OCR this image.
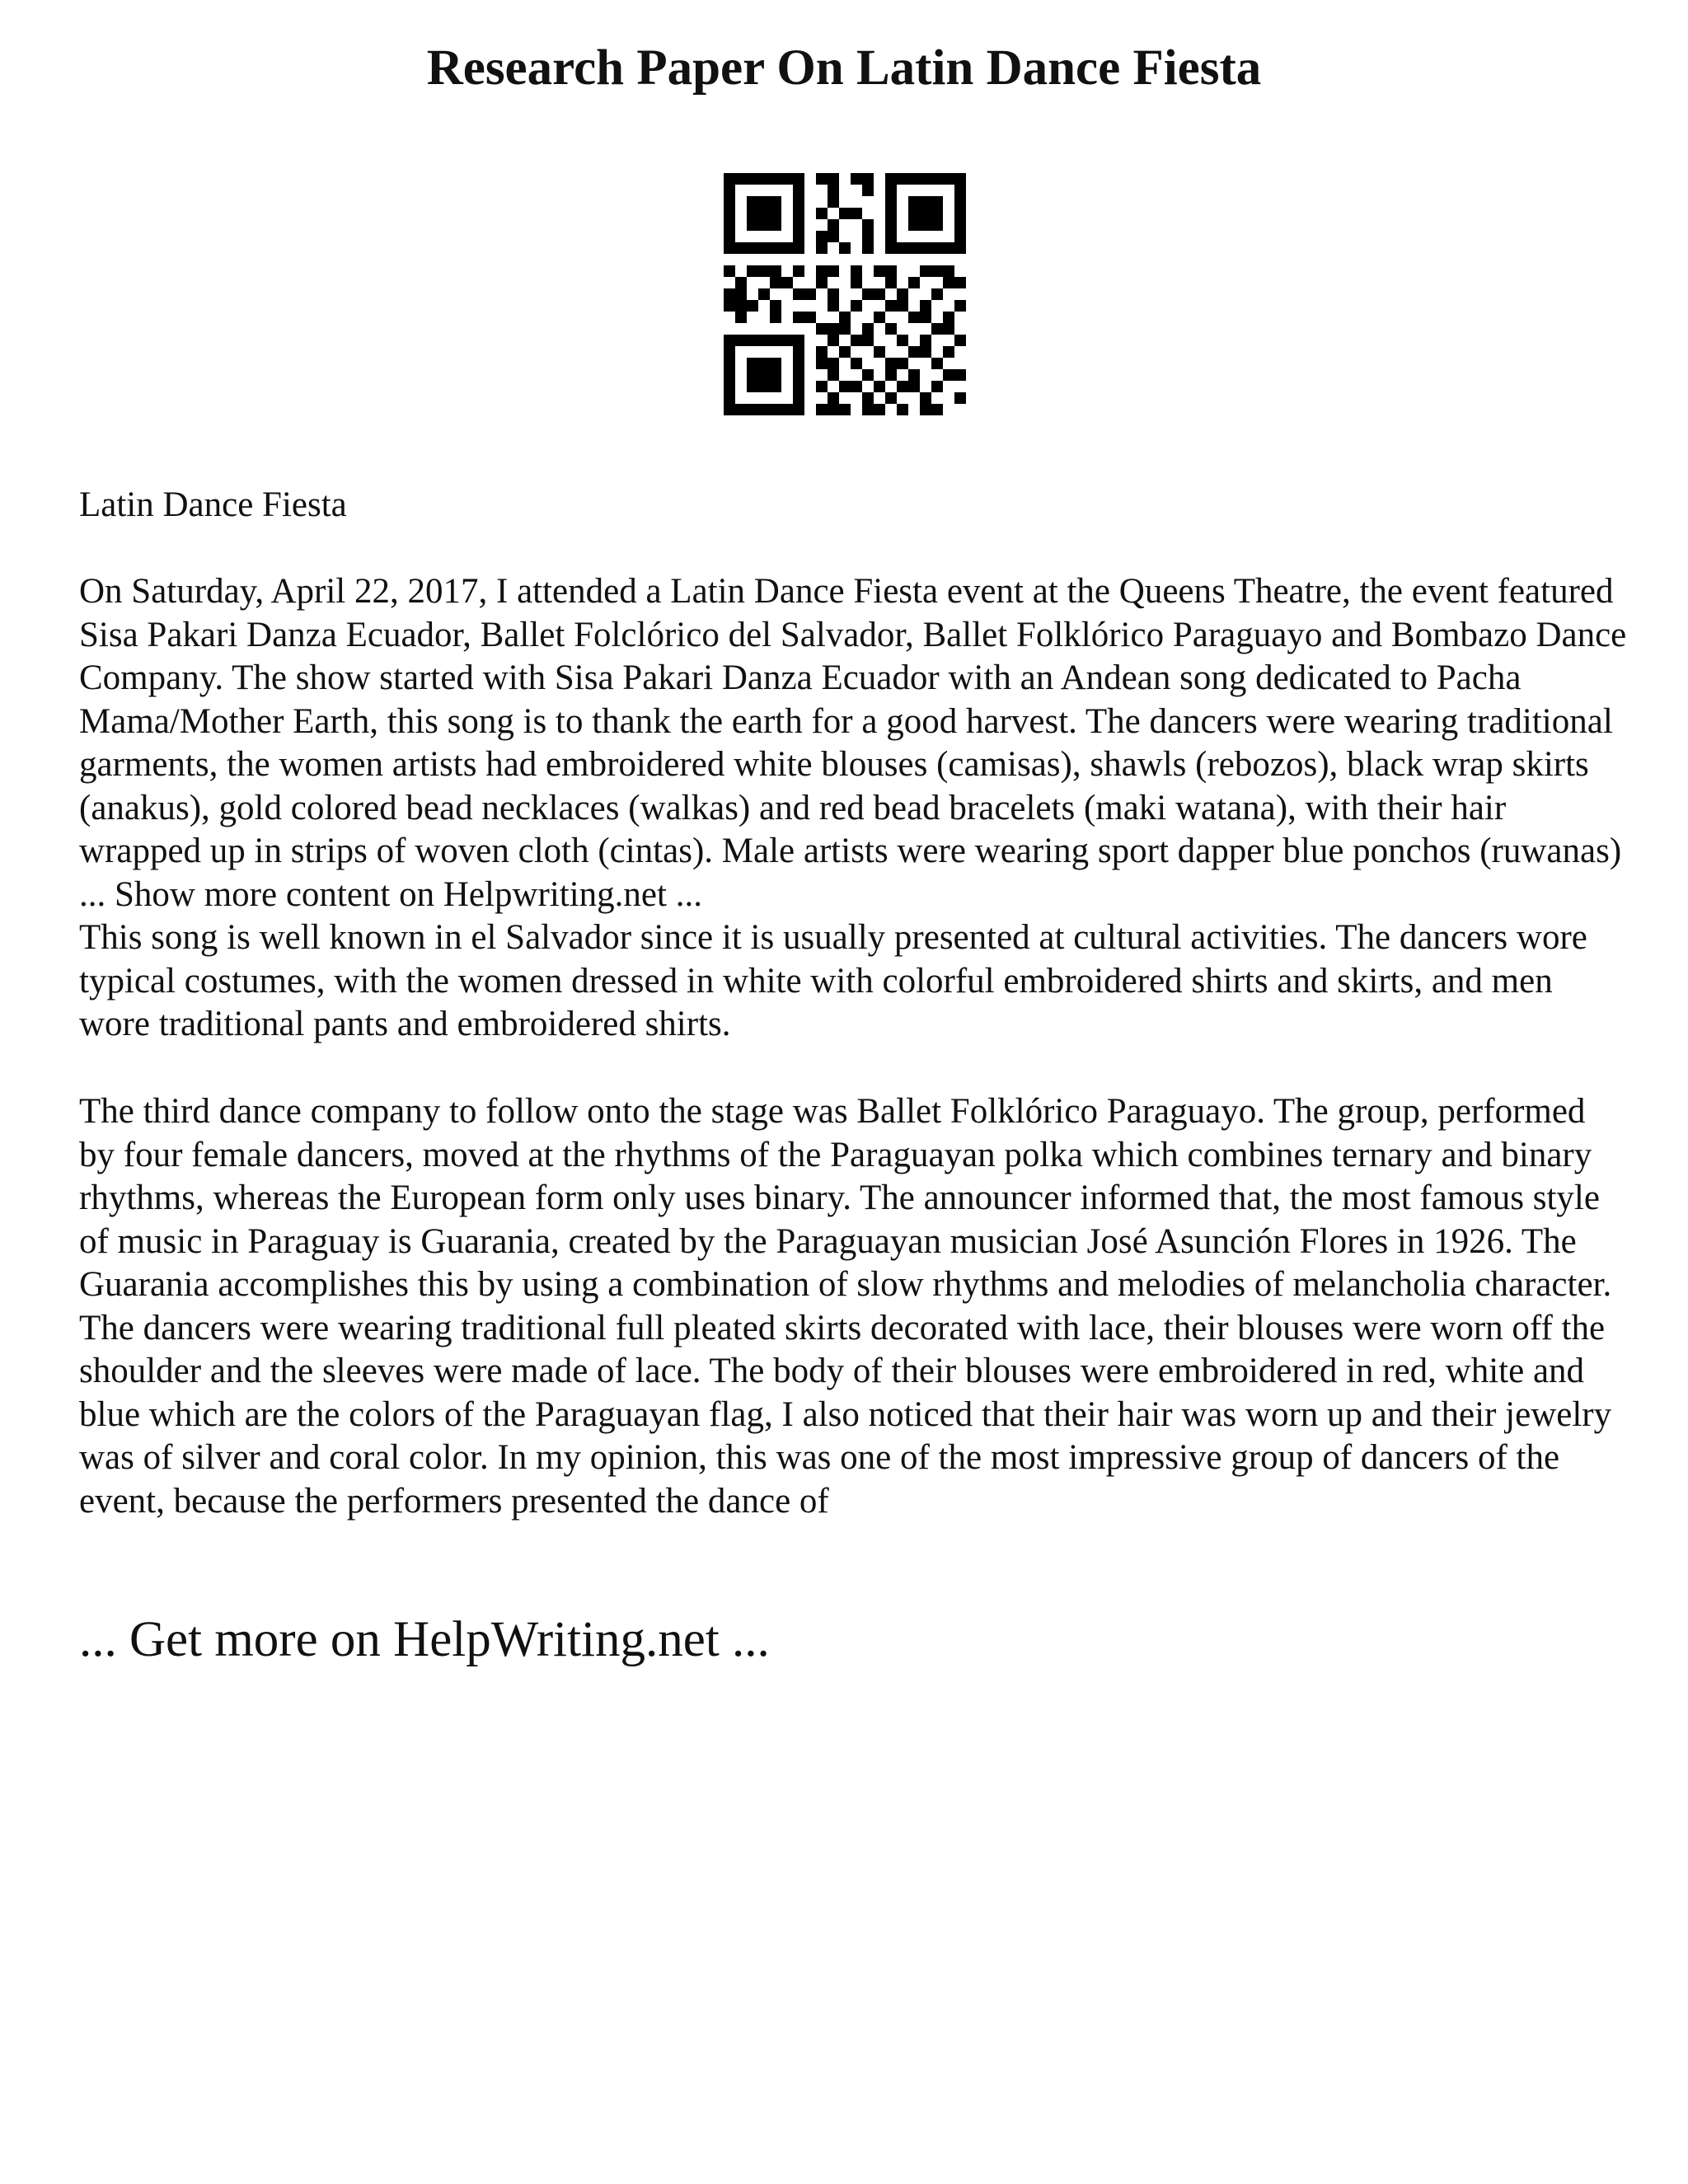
Research Paper On Latin Dance Fiesta

Latin Dance Fiesta

On Saturday, April 22, 2017, I attended a Latin Dance Fiesta event at the Queens Theatre, the event featured Sisa Pakari Danza Ecuador, Ballet Folclórico del Salvador, Ballet Folklórico Paraguayo and Bombazo Dance Company. The show started with Sisa Pakari Danza Ecuador with an Andean song dedicated to Pacha Mama/Mother Earth, this song is to thank the earth for a good harvest. The dancers were wearing traditional garments, the women artists had embroidered white blouses (camisas), shawls (rebozos), black wrap skirts (anakus), gold colored bead necklaces (walkas) and red bead bracelets (maki watana), with their hair wrapped up in strips of woven cloth (cintas). Male artists were wearing sport dapper blue ponchos (ruwanas) ... Show more content on Helpwriting.net ...
This song is well known in el Salvador since it is usually presented at cultural activities. The dancers wore typical costumes, with the women dressed in white with colorful embroidered shirts and skirts, and men wore traditional pants and embroidered shirts.

The third dance company to follow onto the stage was Ballet Folklórico Paraguayo. The group, performed by four female dancers, moved at the rhythms of the Paraguayan polka which combines ternary and binary rhythms, whereas the European form only uses binary. The announcer informed that, the most famous style of music in Paraguay is Guarania, created by the Paraguayan musician José Asunción Flores in 1926. The Guarania accomplishes this by using a combination of slow rhythms and melodies of melancholia character. The dancers were wearing traditional full pleated skirts decorated with lace, their blouses were worn off the shoulder and the sleeves were made of lace. The body of their blouses were embroidered in red, white and blue which are the colors of the Paraguayan flag, I also noticed that their hair was worn up and their jewelry was of silver and coral color. In my opinion, this was one of the most impressive group of dancers of the event, because the performers presented the dance of

... Get more on HelpWriting.net ...
